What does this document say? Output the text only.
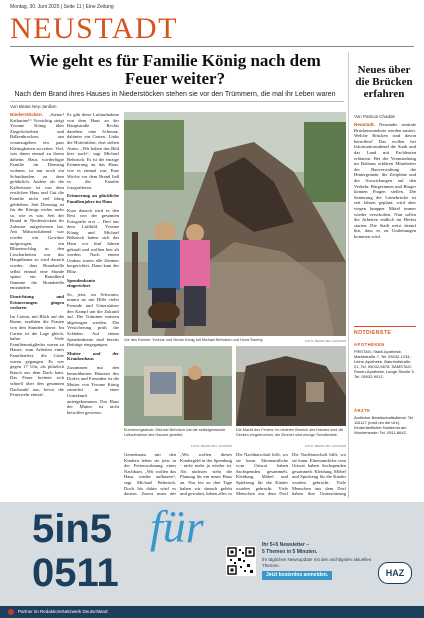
Montag, 30. Juni 2025 | Seite 11 | Eine Zeitung
NEUSTADT
Wie geht es für Familie König nach dem Feuer weiter?
Nach dem Brand ihres Hauses in Niederstöcken stehen sie vor den Trümmern, die mal ihr Leben waren
Von Beate Ney-Janßen
Niederstöcken. „Steine! Katharine!“ Vorsichtig steigt Yvonne König über Ziegelscherben und Balkenbrocken, um voranzugehen ein paar Kleinigkeiten zu retten. Viel, was ihnen einmal zu ihrem daheim Haus wiederfügte Familie im Dienstag wohnen, ist nur noch ein Schutthaufen zu dem gefährlich. Andere als die Kaffeetasse ist von dem restlichen Haus und Gut die Familie nicht viel übrig geblieben. Seit Dienstag ist für die Königs nichts mehr so, wie es war. Seit der Brand in Niederstöcken ihr Zuhause aufgefressen hat. Am Mittwochabend war wieder ein Gewitter aufgezogen, ein Blitzeinschlag in den Löscharbeiten war das Hauptthema so wird danach wieder, dass Brandstelle selbst einmal eine Stunde später ein Brandherd flammte die Brandstelle entzündete.
Einrichtung und Erinnerungen gingen verloren
Im Carten, mit Blick auf die Ruine, erzählen die Frauen von den Stunden davor. Im Carten ist die Lage gleich, bahre. Viele Familienmitglieder waren zu Hause, zum Arbeiten eines Familienfest, die Gäste waren gegangen. Es war gegen 17 Uhr, als plötzlich Rauch aus dem Dach kam. Das Feuer breitete sich schnell über den gesamten Dachstuhl aus, bevor die Feuerwehr eintraf.
Es gibt diese Luftaufnahme von dem Haus an der Hauptstraße. Rechts daneben eine Scheune, dahinter ein Garten. Links die Hofeinfahrt, dort stehen Autos. „Wir haben das Bild hier noch“, sagt Michael Behnisch. Es ist die einzige Erinnerung an das Haus, wie es einmal war. Eine Woche vor dem Brand ließ es die Familie fotografieren.
Erinnerung an glückliche Familienjahre im Haus
Kurz danach wird es den Rest von der gesamten Fotografie erst ... Drei aus dem Luftbild. Yvonne König und Michael Behnisch haben sich das Haus vor fünf Jahren gekauft und wollten hier alt werden. Nach einem Umbau waren alle Zimmer hergerichtet. Dann kam der Blitz.
Spendenkonto eingerichtet
So, jetzt, im Schwarm, nimmt sie mit Hilfe vieler Freunde und Unterstützer den Kampf um die Zukunft auf. Die Trümmer müssen abgetragen werden. Die Versicherung prüft die Schäden. Auf einem Spendenkonto sind bereits Beiträge eingegangen.
Mutter und der Krankenhaus
Zusammen mit den benachbarten Häusern des Dorfes und Freunden ist die Mutter von Yvonne König zunächst in einer Unterkunft untergekommen. Das Haus der Mutter ist nicht betroffen gewesen.
Vor den Ruinen: Yvonne und Nicole König mit Michael Behnisch und Hund Sweety.	FOTO: BEATE NEY-JANSSEN
Erinnerungsstück: Michael Behnisch hat die selbstgemachte Luftaufnahme des Hauses gerettet.
FOTO: BEATE NEY-JANSSEN
Die Macht des Feuers: Im hinteren Bereich des Hauses sind die Decken eingebrochen, die Zimmer sind einzige Schuttwüste.
FOTO: BEATE NEY-JANSSEN
Gemeinsam mit den Kindern leben sie jetzt in der Ferienwohnung eines Nachbarn. „Wir wollen das Haus wieder aufbauen“, sagt Michael Behnisch. Doch bis dahin wird es dauern. Zuerst muss der
„Wir wollen dieses Kindergeld in der Spendung - nicht mehr ja wieder ist. Als nächstes steht die Planung für ein neues Haus an. Nur bis zu drei Tage haben wir danach gelebt und gewohnt, haben alles so
Die Nachbarschaft hilft, wo sie kann. Ehrenamtliche vom Ortsrat haben Sachspenden gesammelt. Kleidung, Möbel und Spielzeug für die Kinder wurden gebracht. Viele Menschen aus dem Dorf
Die Nachbarschaft hilft, wo sie kann. Ehrenamtliche vom Ortsrat haben Sachspenden gesammelt. Kleidung, Möbel und Spielzeug für die Kinder wurden gebracht. Viele Menschen aus dem Dorf haben ihre Unterstützung
Neues über die Brücken erfahren
Von Patricia Chadde
Neustadt. Neustadts zentrale Brückenstandorte werden saniert. Welche Brücken sind davon betroffen? Das wollen bei Informationsabend die Stadt und das Land mit Fachleuten erläutern. Bei der Veranstaltung im Rathaus erklären Mitarbeiter der Bauverwaltung die Hintergründe, die Zeitpläne und die Auswirkungen auf den Verkehr. Bürgerinnen und Bürger können Fragen stellen. Die Sanierung der Leinebrücke ist seit Jahren geplant, wird aber wegen knapper Mittel immer wieder verschoben. Nun sollen die Arbeiten endlich im Herbst starten. Die Stadt weist darauf hin, dass es zu Umleitungen kommen wird.
NOTDIENSTE
APOTHEKEN
FREITAG: Stadt-Apotheke, Marktstraße 7, Tel. 05032-1234; Leine-Apotheke, Bahnhofstraße 21, Tel. 05032-5678. SAMSTAG: Rosen-Apotheke, Lange Straße 3, Tel. 05032-9012.
ÄRZTE
Ärztlicher Bereitschaftsdienst: Tel. 116117 (rund um die Uhr). Kinderärztlicher Notdienst am Wochenende: Tel. 0511-8642.
5in5 für
0511
Ihr 5+5 Newsletter –
5 Themen in 5 Minuten.
Ihr tägliches Newsupdate mit den wichtigsten aktuellen Themen.
Jetzt kostenlos anmelden.	HAZ
Partner im RedaktionsNetzwerk Deutschland
